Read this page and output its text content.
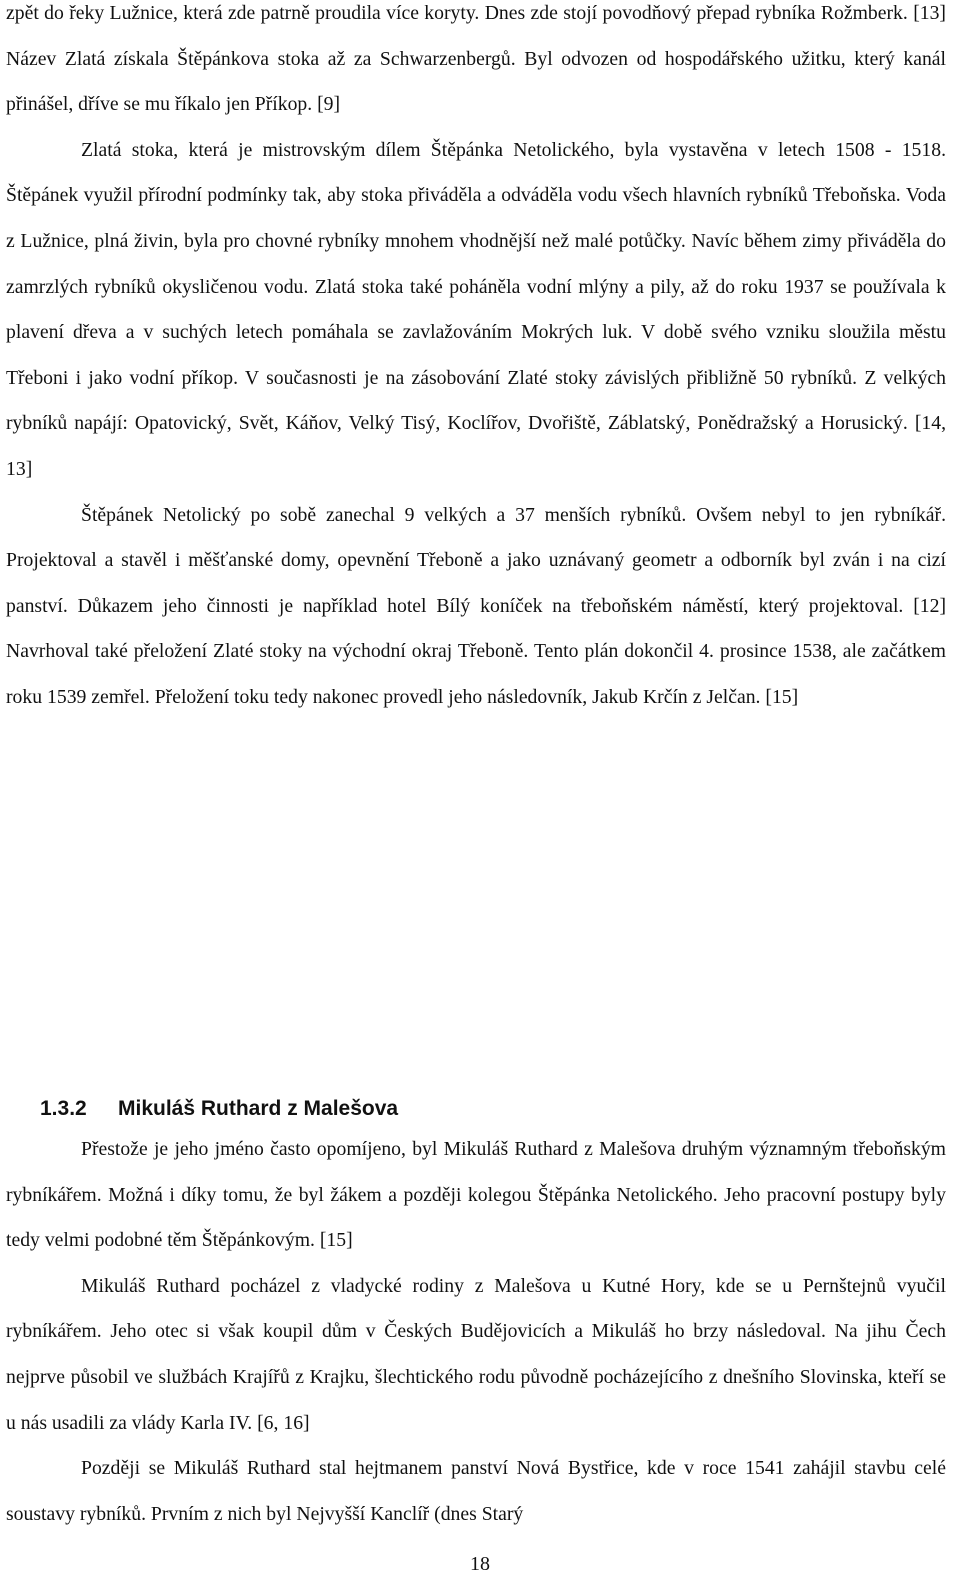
zpět do řeky Lužnice, která zde patrně proudila více koryty. Dnes zde stojí povodňový přepad rybníka Rožmberk. [13] Název Zlatá získala Štěpánkova stoka až za Schwarzenbergů. Byl odvozen od hospodářského užitku, který kanál přinášel, dříve se mu říkalo jen Příkop. [9]

Zlatá stoka, která je mistrovským dílem Štěpánka Netolického, byla vystavěna v letech 1508 - 1518. Štěpánek využil přírodní podmínky tak, aby stoka přiváděla a odváděla vodu všech hlavních rybníků Třeboňska. Voda z Lužnice, plná živin, byla pro chovné rybníky mnohem vhodnější než malé potůčky. Navíc během zimy přiváděla do zamrzlých rybníků okysličenou vodu. Zlatá stoka také poháněla vodní mlýny a pily, až do roku 1937 se používala k plavení dřeva a v suchých letech pomáhala se zavlažováním Mokrých luk. V době svého vzniku sloužila městu Třeboni i jako vodní příkop. V současnosti je na zásobování Zlaté stoky závislých přibližně 50 rybníků. Z velkých rybníků napájí: Opatovický, Svět, Káňov, Velký Tisý, Koclířov, Dvořiště, Záblatský, Ponědražský a Horusický. [14, 13]

Štěpánek Netolický po sobě zanechal 9 velkých a 37 menších rybníků. Ovšem nebyl to jen rybníkář. Projektoval a stavěl i měšťanské domy, opevnění Třeboně a jako uznávaný geometr a odborník byl zván i na cizí panství. Důkazem jeho činnosti je například hotel Bílý koníček na třeboňském náměstí, který projektoval. [12] Navrhoval také přeložení Zlaté stoky na východní okraj Třeboně. Tento plán dokončil 4. prosince 1538, ale začátkem roku 1539 zemřel. Přeložení toku tedy nakonec provedl jeho následovník, Jakub Krčín z Jelčan. [15]

1.3.2 Mikuláš Ruthard z Malešova

Přestože je jeho jméno často opomíjeno, byl Mikuláš Ruthard z Malešova druhým významným třeboňským rybníkářem. Možná i díky tomu, že byl žákem a později kolegou Štěpánka Netolického. Jeho pracovní postupy byly tedy velmi podobné těm Štěpánkovým. [15]

Mikuláš Ruthard pocházel z vladycké rodiny z Malešova u Kutné Hory, kde se u Pernštejnů vyučil rybníkářem. Jeho otec si však koupil dům v Českých Budějovicích a Mikuláš ho brzy následoval. Na jihu Čech nejprve působil ve službách Krajířů z Krajku, šlechtického rodu původně pocházejícího z dnešního Slovinska, kteří se u nás usadili za vlády Karla IV. [6, 16]

Později se Mikuláš Ruthard stal hejtmanem panství Nová Bystřice, kde v roce 1541 zahájil stavbu celé soustavy rybníků. Prvním z nich byl Nejvyšší Kanclíř (dnes Starý

18
